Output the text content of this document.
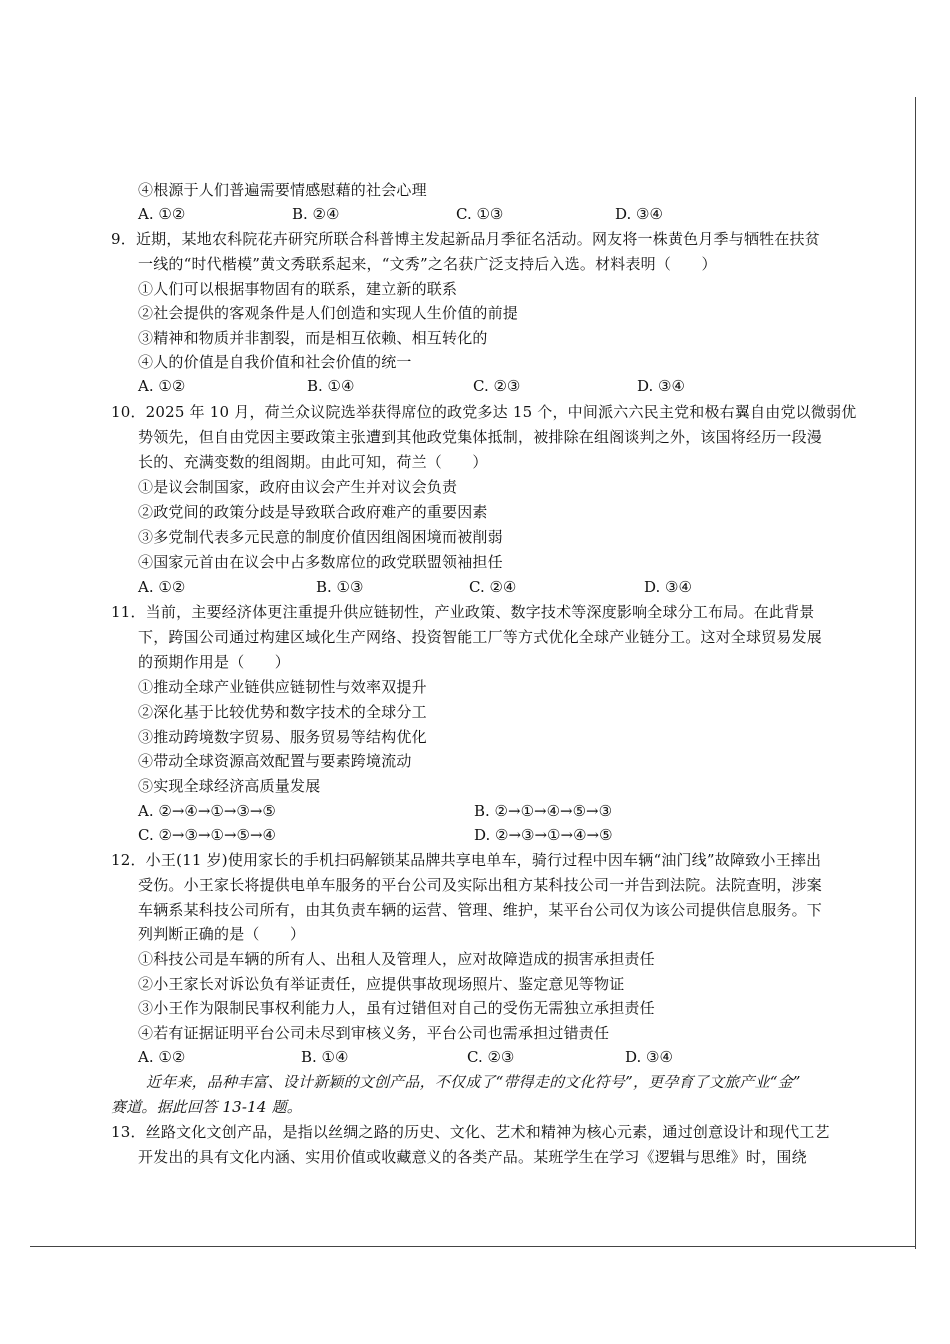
④根源于人们普遍需要情感慰藉的社会心理
A. ①②	B. ②④	C. ①③	D. ③④
9．近期，某地农科院花卉研究所联合科普博主发起新品月季征名活动。网友将一株黄色月季与牺牲在扶贫
一线的“时代楷模”黄文秀联系起来，“文秀”之名获广泛支持后入选。材料表明（　　）
①人们可以根据事物固有的联系，建立新的联系
②社会提供的客观条件是人们创造和实现人生价值的前提
③精神和物质并非割裂，而是相互依赖、相互转化的
④人的价值是自我价值和社会价值的统一
A. ①②	B. ①④	C. ②③	D. ③④
10．2025 年 10 月，荷兰众议院选举获得席位的政党多达 15 个，中间派六六民主党和极右翼自由党以微弱优
势领先，但自由党因主要政策主张遭到其他政党集体抵制，被排除在组阁谈判之外，该国将经历一段漫
长的、充满变数的组阁期。由此可知，荷兰（　　）
①是议会制国家，政府由议会产生并对议会负责
②政党间的政策分歧是导致联合政府难产的重要因素
③多党制代表多元民意的制度价值因组阁困境而被削弱
④国家元首由在议会中占多数席位的政党联盟领袖担任
A. ①②	B. ①③	C. ②④	D. ③④
11．当前，主要经济体更注重提升供应链韧性，产业政策、数字技术等深度影响全球分工布局。在此背景
下，跨国公司通过构建区域化生产网络、投资智能工厂等方式优化全球产业链分工。这对全球贸易发展
的预期作用是（　　）
①推动全球产业链供应链韧性与效率双提升
②深化基于比较优势和数字技术的全球分工
③推动跨境数字贸易、服务贸易等结构优化
④带动全球资源高效配置与要素跨境流动
⑤实现全球经济高质量发展
A. ②→④→①→③→⑤	B. ②→①→④→⑤→③
C. ②→③→①→⑤→④	D. ②→③→①→④→⑤
12．小王(11 岁)使用家长的手机扫码解锁某品牌共享电单车，骑行过程中因车辆“油门线”故障致小王摔出
受伤。小王家长将提供电单车服务的平台公司及实际出租方某科技公司一并告到法院。法院查明，涉案
车辆系某科技公司所有，由其负责车辆的运营、管理、维护，某平台公司仅为该公司提供信息服务。下
列判断正确的是（　　）
①科技公司是车辆的所有人、出租人及管理人，应对故障造成的损害承担责任
②小王家长对诉讼负有举证责任，应提供事故现场照片、鉴定意见等物证
③小王作为限制民事权利能力人，虽有过错但对自己的受伤无需独立承担责任
④若有证据证明平台公司未尽到审核义务，平台公司也需承担过错责任
A. ①②	B. ①④	C. ②③	D. ③④
近年来，品种丰富、设计新颖的文创产品，不仅成了“带得走的文化符号”，更孕育了文旅产业“金”
赛道。据此回答 13-14 题。
13．丝路文化文创产品，是指以丝绸之路的历史、文化、艺术和精神为核心元素，通过创意设计和现代工艺
开发出的具有文化内涵、实用价值或收藏意义的各类产品。某班学生在学习《逻辑与思维》时，围绕
